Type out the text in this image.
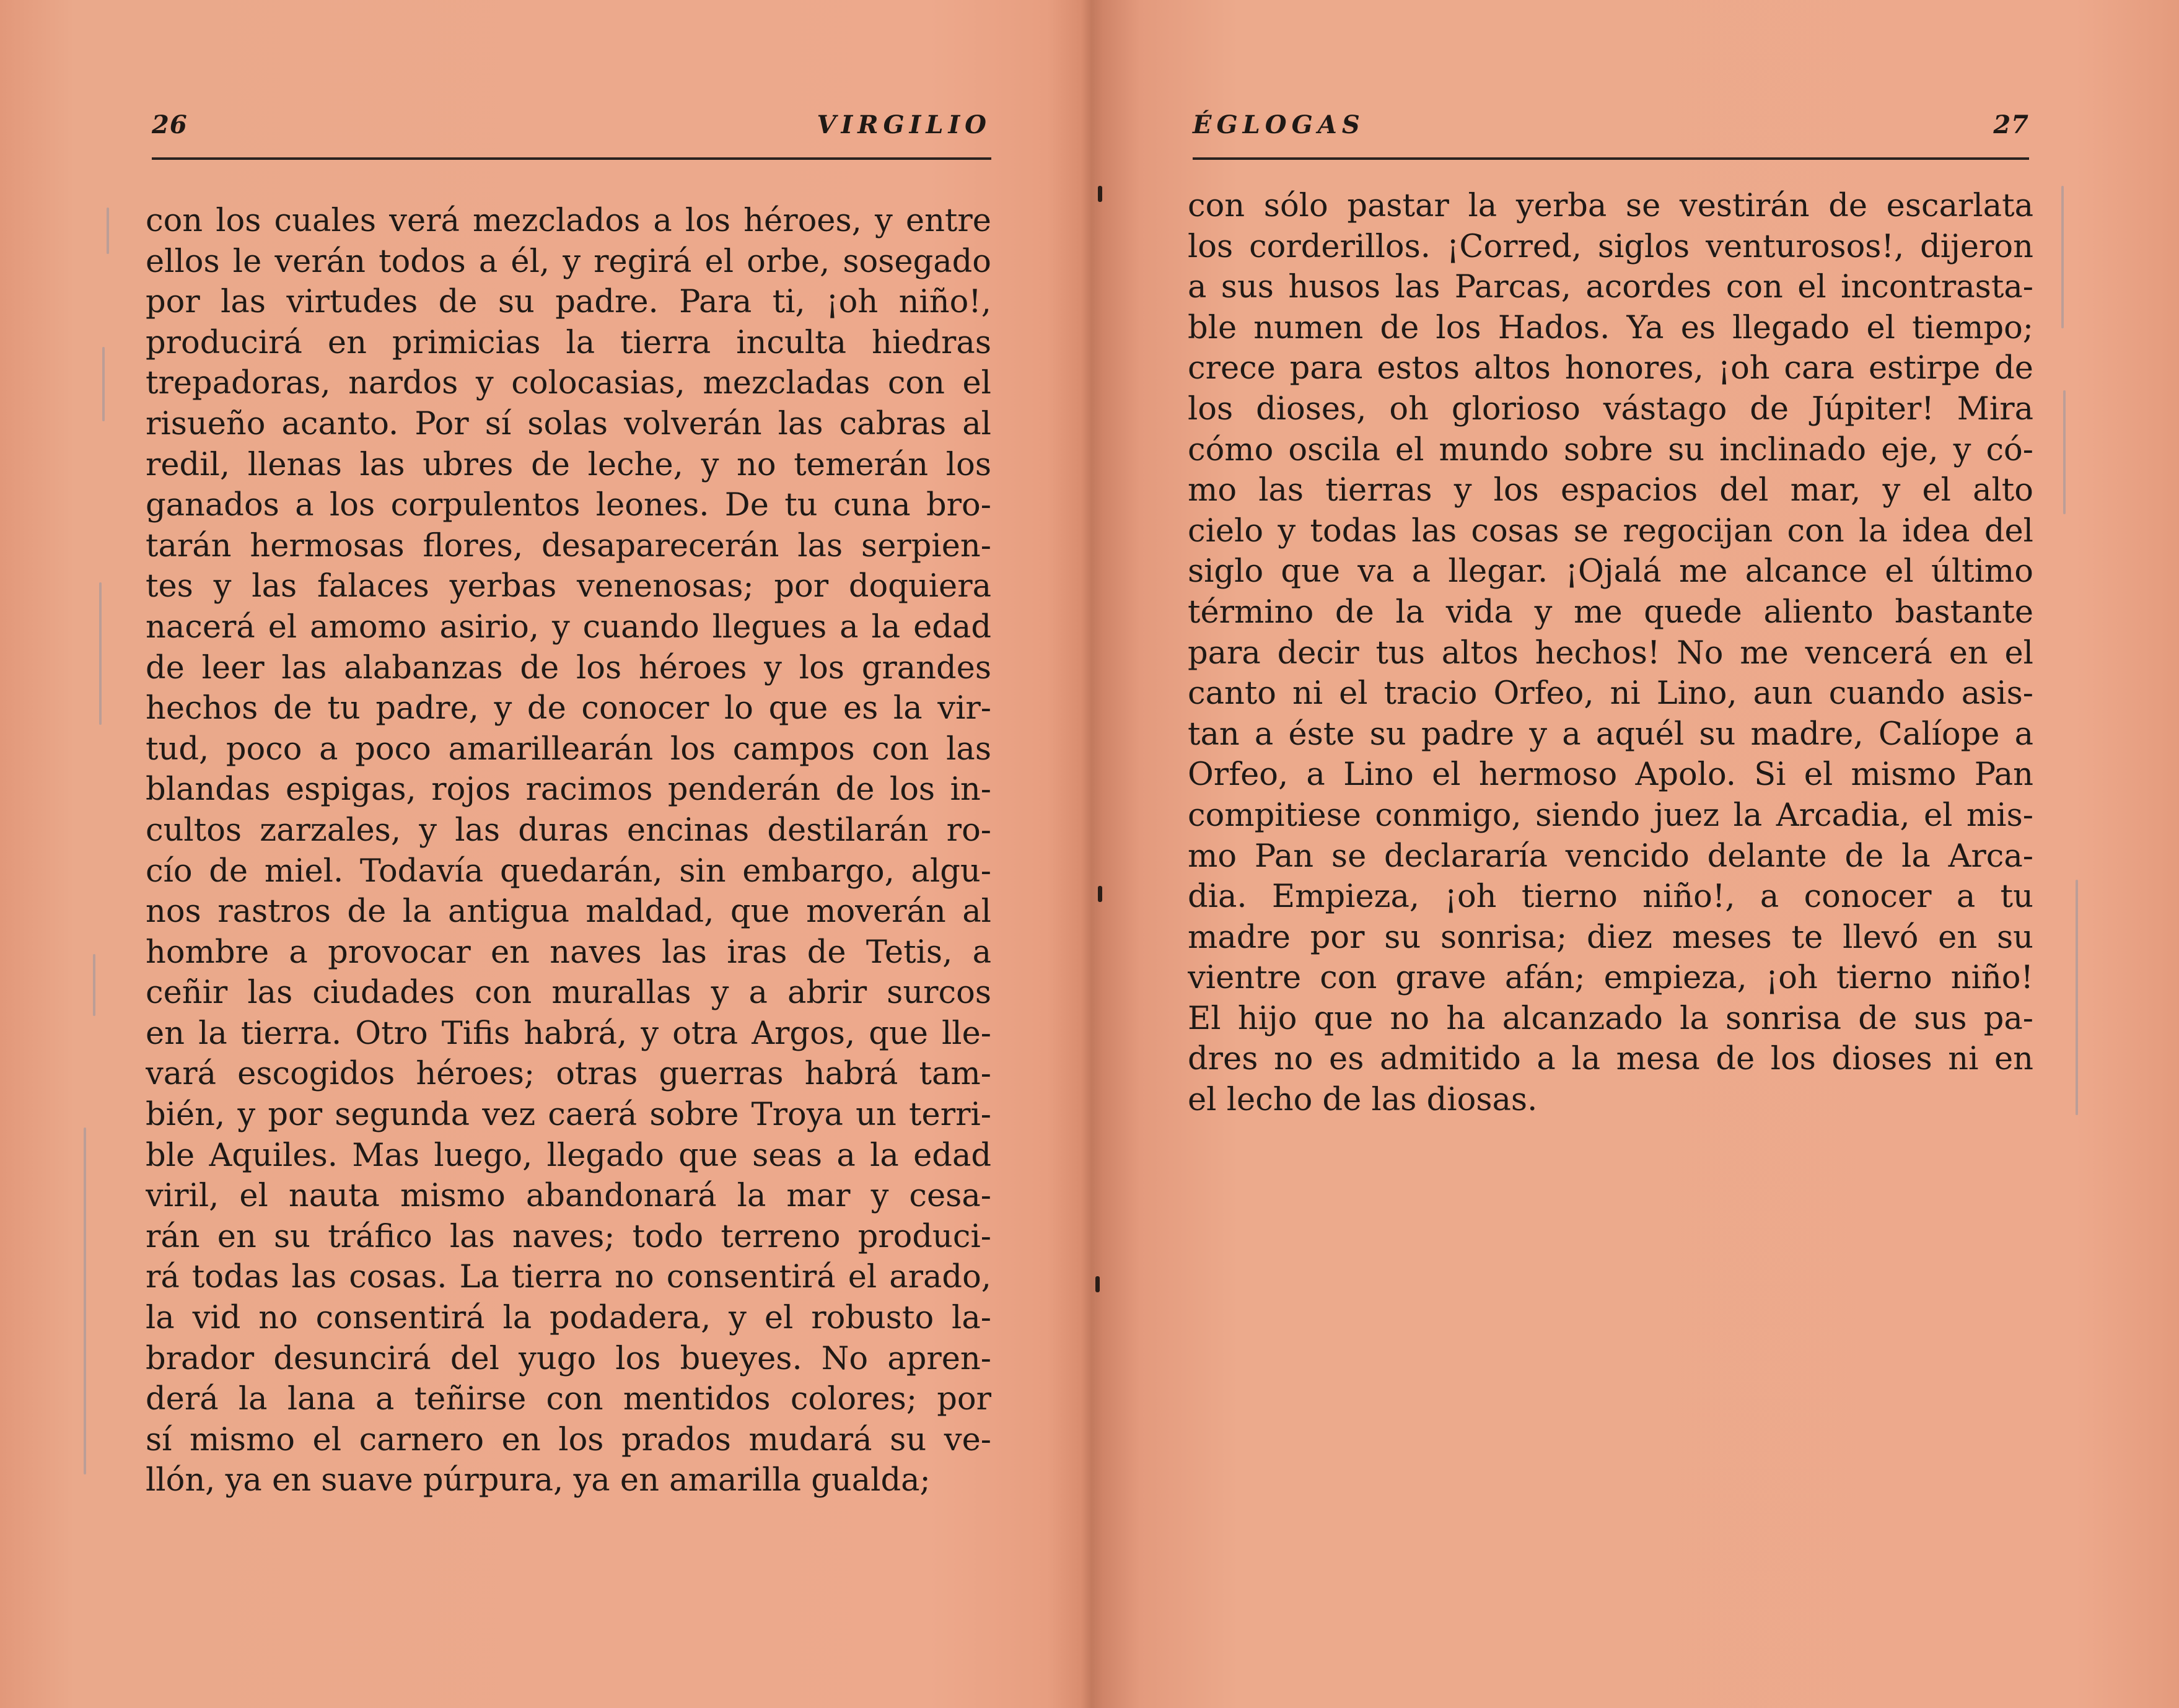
26	VIRGILIO
con los cuales verá mezclados a los héroes, y entre
ellos le verán todos a él, y regirá el orbe, sosegado
por las virtudes de su padre. Para ti, ¡oh niño!,
producirá en primicias la tierra inculta hiedras
trepadoras, nardos y colocasias, mezcladas con el
risueño acanto. Por sí solas volverán las cabras al
redil, llenas las ubres de leche, y no temerán los
ganados a los corpulentos leones. De tu cuna bro-
tarán hermosas flores, desaparecerán las serpien-
tes y las falaces yerbas venenosas; por doquiera
nacerá el amomo asirio, y cuando llegues a la edad
de leer las alabanzas de los héroes y los grandes
hechos de tu padre, y de conocer lo que es la vir-
tud, poco a poco amarillearán los campos con las
blandas espigas, rojos racimos penderán de los in-
cultos zarzales, y las duras encinas destilarán ro-
cío de miel. Todavía quedarán, sin embargo, algu-
nos rastros de la antigua maldad, que moverán al
hombre a provocar en naves las iras de Tetis, a
ceñir las ciudades con murallas y a abrir surcos
en la tierra. Otro Tifis habrá, y otra Argos, que lle-
vará escogidos héroes; otras guerras habrá tam-
bién, y por segunda vez caerá sobre Troya un terri-
ble Aquiles. Mas luego, llegado que seas a la edad
viril, el nauta mismo abandonará la mar y cesa-
rán en su tráfico las naves; todo terreno produci-
rá todas las cosas. La tierra no consentirá el arado,
la vid no consentirá la podadera, y el robusto la-
brador desuncirá del yugo los bueyes. No apren-
derá la lana a teñirse con mentidos colores; por
sí mismo el carnero en los prados mudará su ve-
llón, ya en suave púrpura, ya en amarilla gualda;
ÉGLOGAS	27
con sólo pastar la yerba se vestirán de escarlata
los corderillos. ¡Corred, siglos venturosos!, dijeron
a sus husos las Parcas, acordes con el incontrasta-
ble numen de los Hados. Ya es llegado el tiempo;
crece para estos altos honores, ¡oh cara estirpe de
los dioses, oh glorioso vástago de Júpiter! Mira
cómo oscila el mundo sobre su inclinado eje, y có-
mo las tierras y los espacios del mar, y el alto
cielo y todas las cosas se regocijan con la idea del
siglo que va a llegar. ¡Ojalá me alcance el último
término de la vida y me quede aliento bastante
para decir tus altos hechos! No me vencerá en el
canto ni el tracio Orfeo, ni Lino, aun cuando asis-
tan a éste su padre y a aquél su madre, Calíope a
Orfeo, a Lino el hermoso Apolo. Si el mismo Pan
compitiese conmigo, siendo juez la Arcadia, el mis-
mo Pan se declararía vencido delante de la Arca-
dia. Empieza, ¡oh tierno niño!, a conocer a tu
madre por su sonrisa; diez meses te llevó en su
vientre con grave afán; empieza, ¡oh tierno niño!
El hijo que no ha alcanzado la sonrisa de sus pa-
dres no es admitido a la mesa de los dioses ni en
el lecho de las diosas.
